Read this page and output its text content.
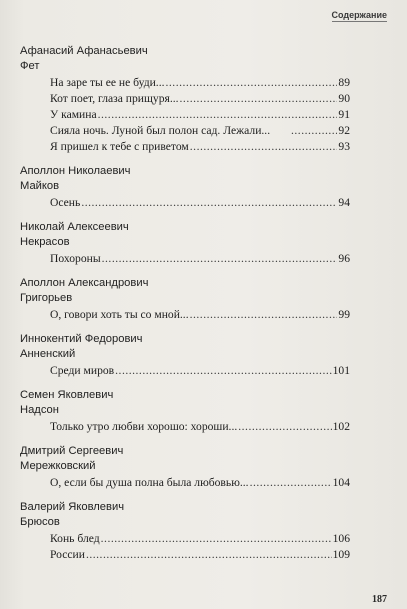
Содержание
Афанасий Афанасьевич
Фет
На заре ты ее не буди... .....	89
Кот поет, глаза прищуря... .....	90
У камина .....	91
Сияла ночь. Луной был полон сад. Лежали... .....	92
Я пришел к тебе с приветом .....	93
Аполлон Николаевич
Майков
Осень .....	94
Николай Алексеевич
Некрасов
Похороны .....	96
Аполлон Александрович
Григорьев
О, говори хоть ты со мной... .....	99
Иннокентий Федорович
Анненский
Среди миров .....	101
Семен Яковлевич
Надсон
Только утро любви хорошо: хороши... .....	102
Дмитрий Сергеевич
Мережковский
О, если бы душа полна была любовью... .....	104
Валерий Яковлевич
Брюсов
Конь блед .....	106
России .....	109
187
